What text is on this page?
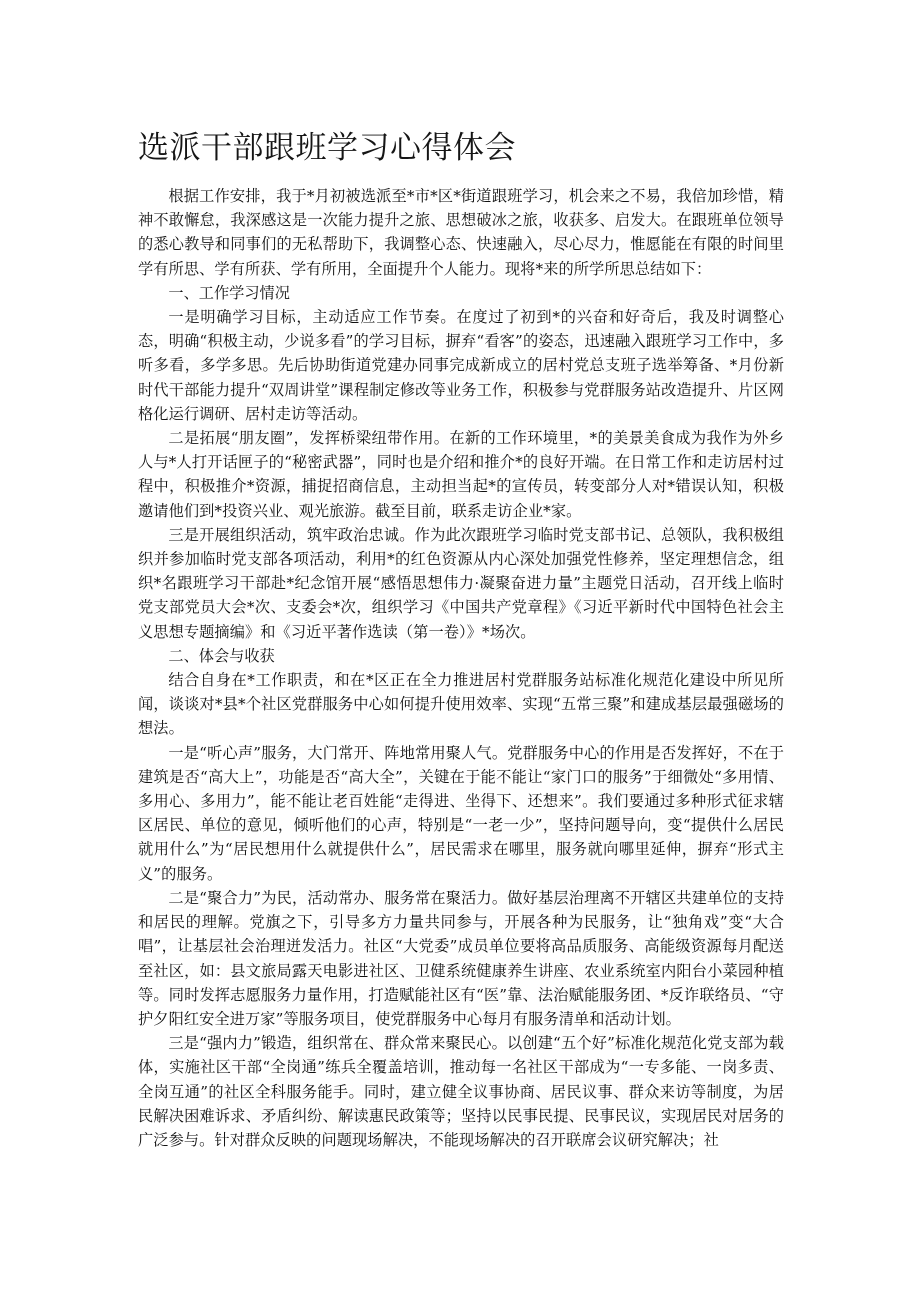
选派干部跟班学习心得体会

根据工作安排，我于*月初被选派至*市*区*街道跟班学习，机会来之不易，我倍加珍惜，精神不敢懈怠，我深感这是一次能力提升之旅、思想破冰之旅，收获多、启发大。在跟班单位领导的悉心教导和同事们的无私帮助下，我调整心态、快速融入，尽心尽力，惟愿能在有限的时间里学有所思、学有所获、学有所用，全面提升个人能力。现将*来的所学所思总结如下：

一、工作学习情况

一是明确学习目标，主动适应工作节奏。在度过了初到*的兴奋和好奇后，我及时调整心态，明确“积极主动，少说多看”的学习目标，摒弃“看客”的姿态，迅速融入跟班学习工作中，多听多看，多学多思。先后协助街道党建办同事完成新成立的居村党总支班子选举筹备、*月份新时代干部能力提升“双周讲堂”课程制定修改等业务工作，积极参与党群服务站改造提升、片区网格化运行调研、居村走访等活动。

二是拓展“朋友圈”，发挥桥梁纽带作用。在新的工作环境里，*的美景美食成为我作为外乡人与*人打开话匣子的“秘密武器”，同时也是介绍和推介*的良好开端。在日常工作和走访居村过程中，积极推介*资源，捕捉招商信息，主动担当起*的宣传员，转变部分人对*错误认知，积极邀请他们到*投资兴业、观光旅游。截至目前，联系走访企业*家。

三是开展组织活动，筑牢政治忠诚。作为此次跟班学习临时党支部书记、总领队，我积极组织并参加临时党支部各项活动，利用*的红色资源从内心深处加强党性修养，坚定理想信念，组织*名跟班学习干部赴*纪念馆开展“感悟思想伟力·凝聚奋进力量”主题党日活动，召开线上临时党支部党员大会*次、支委会*次，组织学习《中国共产党章程》《习近平新时代中国特色社会主义思想专题摘编》和《习近平著作选读（第一卷）》*场次。

二、体会与收获

结合自身在*工作职责，和在*区正在全力推进居村党群服务站标准化规范化建设中所见所闻，谈谈对*县*个社区党群服务中心如何提升使用效率、实现“五常三聚”和建成基层最强磁场的想法。

一是“听心声”服务，大门常开、阵地常用聚人气。党群服务中心的作用是否发挥好，不在于建筑是否“高大上”，功能是否“高大全”，关键在于能不能让“家门口的服务”于细微处“多用情、多用心、多用力”，能不能让老百姓能“走得进、坐得下、还想来”。我们要通过多种形式征求辖区居民、单位的意见，倾听他们的心声，特别是“一老一少”，坚持问题导向，变“提供什么居民就用什么”为“居民想用什么就提供什么”，居民需求在哪里，服务就向哪里延伸，摒弃“形式主义”的服务。

二是“聚合力”为民，活动常办、服务常在聚活力。做好基层治理离不开辖区共建单位的支持和居民的理解。党旗之下，引导多方力量共同参与，开展各种为民服务，让“独角戏”变“大合唱”，让基层社会治理迸发活力。社区“大党委”成员单位要将高品质服务、高能级资源每月配送至社区，如：县文旅局露天电影进社区、卫健系统健康养生讲座、农业系统室内阳台小菜园种植等。同时发挥志愿服务力量作用，打造赋能社区有“医”靠、法治赋能服务团、*反诈联络员、“守护夕阳红安全进万家”等服务项目，使党群服务中心每月有服务清单和活动计划。

三是“强内力”锻造，组织常在、群众常来聚民心。以创建“五个好”标准化规范化党支部为载体，实施社区干部“全岗通”练兵全覆盖培训，推动每一名社区干部成为“一专多能、一岗多责、全岗互通”的社区全科服务能手。同时，建立健全议事协商、居民议事、群众来访等制度，为居民解决困难诉求、矛盾纠纷、解读惠民政策等；坚持以民事民提、民事民议，实现居民对居务的广泛参与。针对群众反映的问题现场解决，不能现场解决的召开联席会议研究解决；社
